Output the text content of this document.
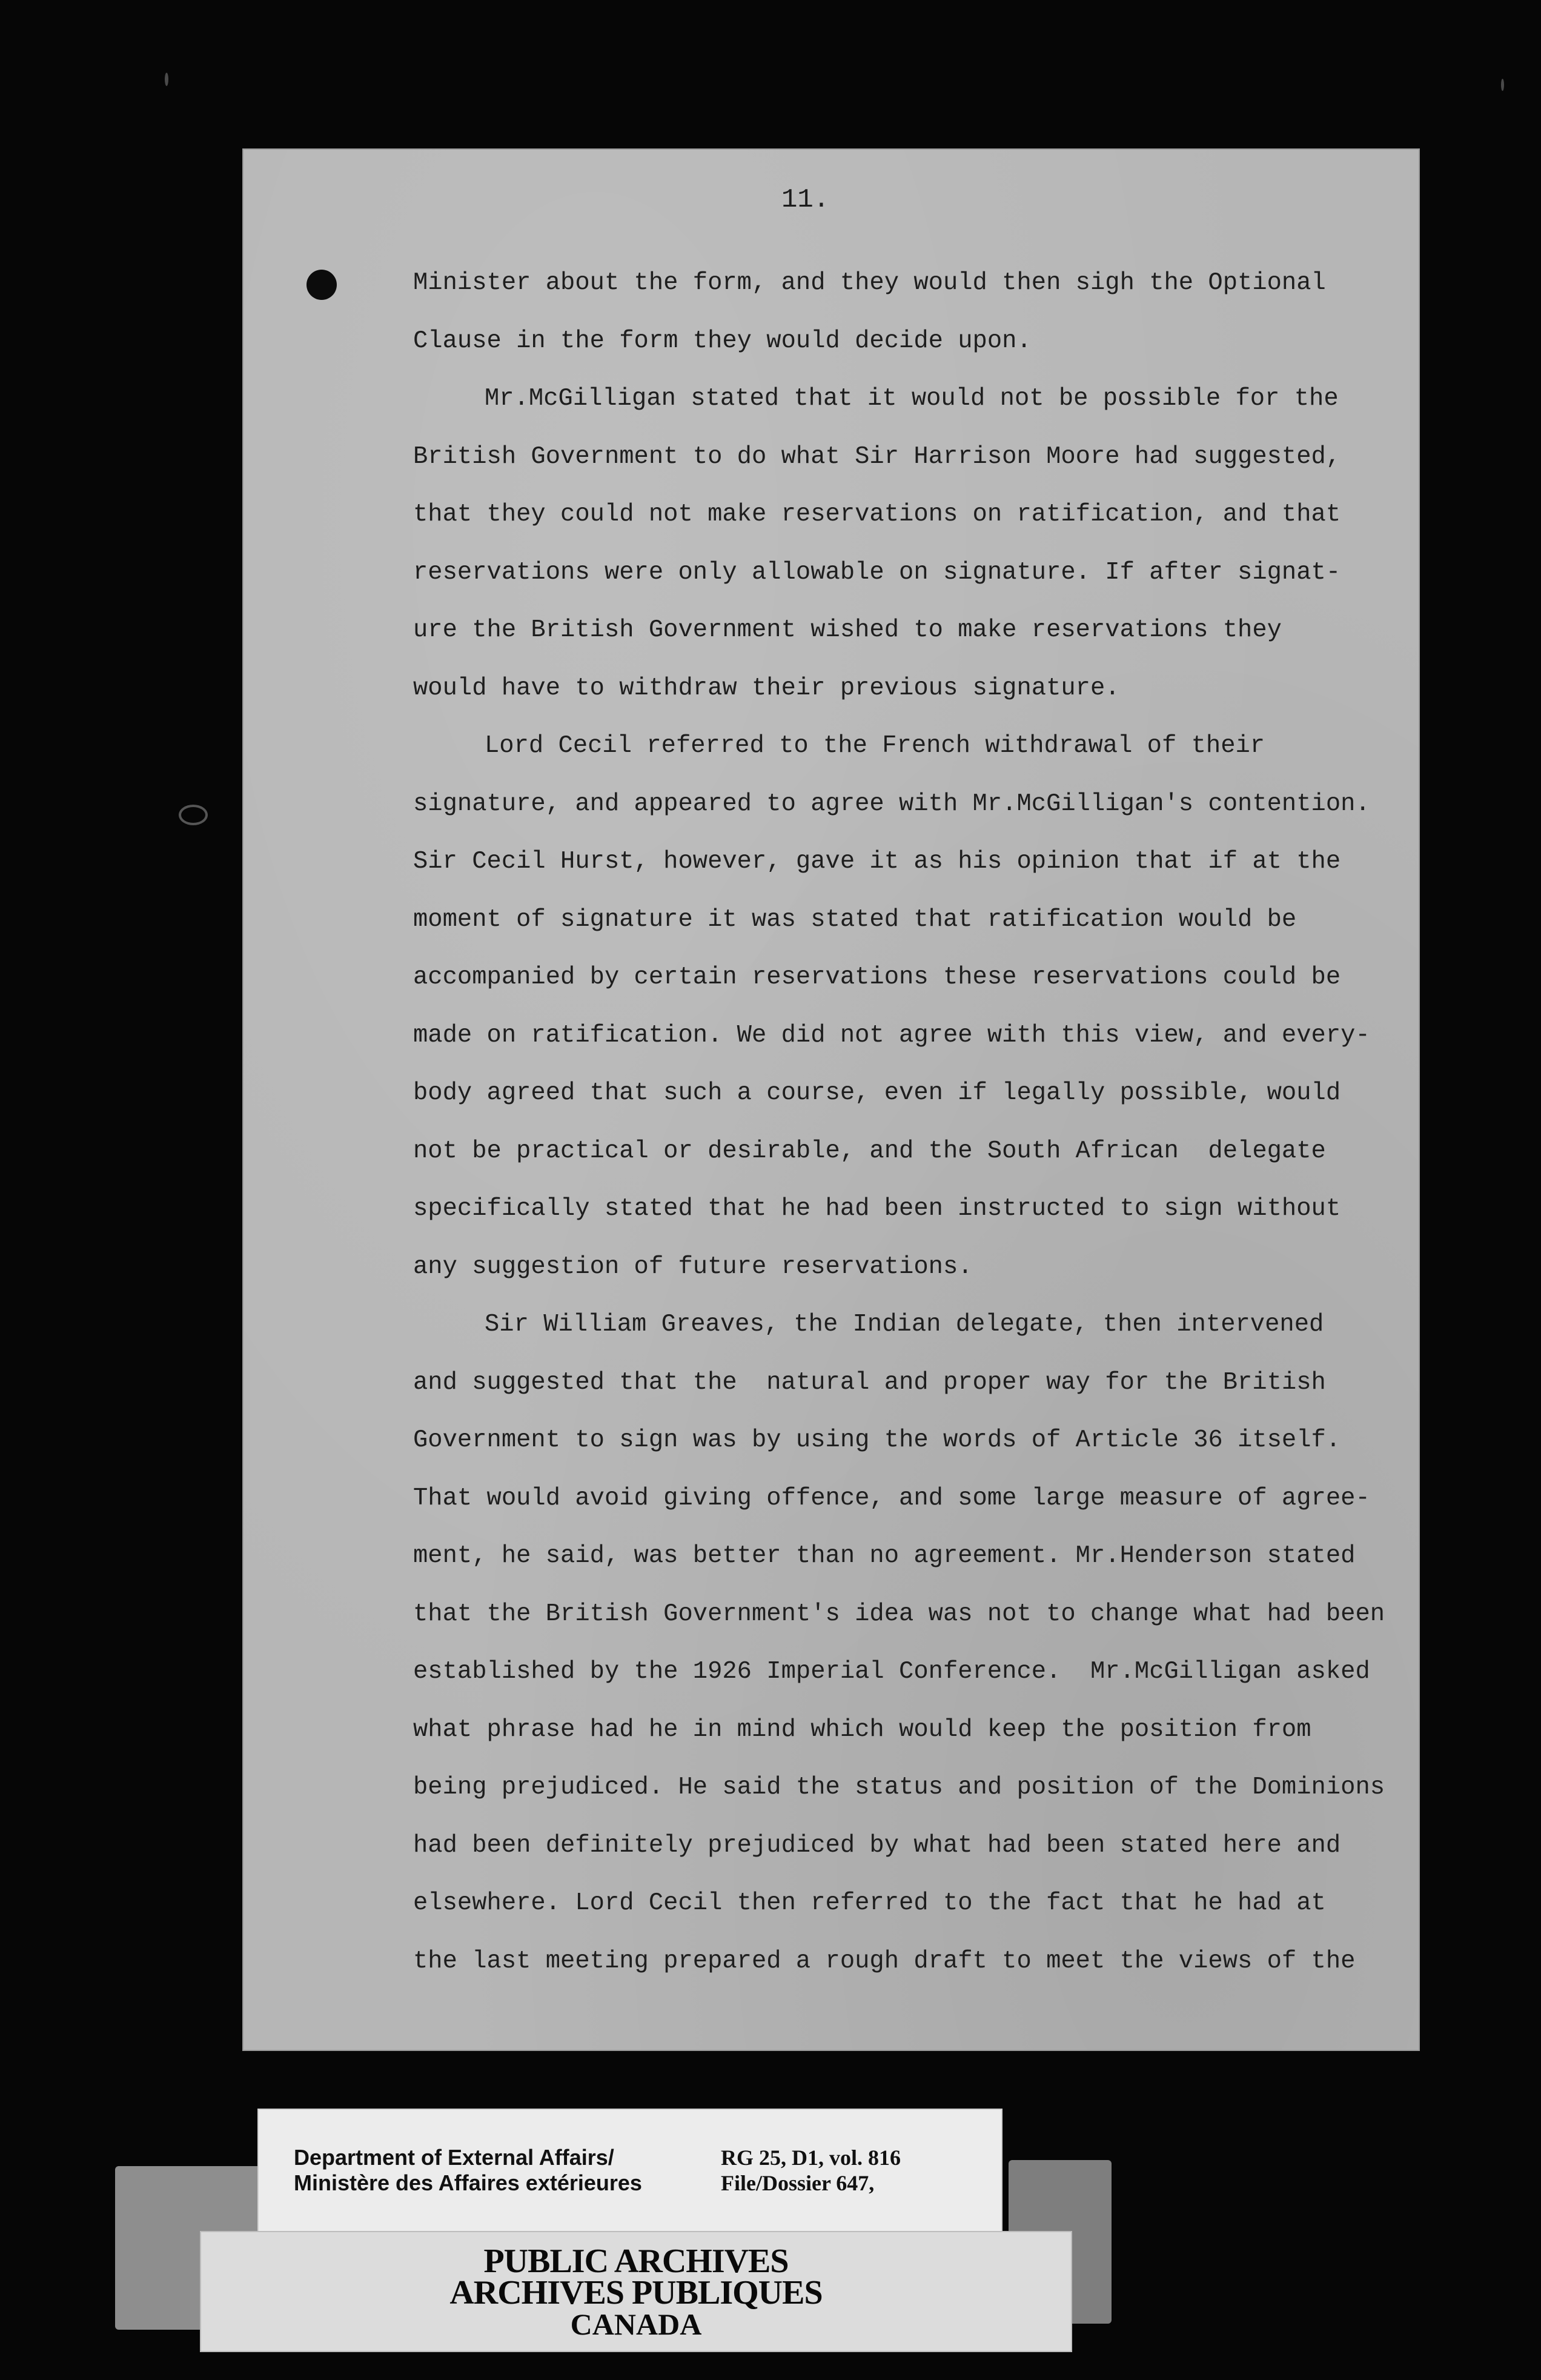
11.
Minister about the form, and they would then sigh the Optional
Clause in the form they would decide upon.
Mr.McGilligan stated that it would not be possible for the
British Government to do what Sir Harrison Moore had suggested,
that they could not make reservations on ratification, and that
reservations were only allowable on signature. If after signat-
ure the British Government wished to make reservations they
would have to withdraw their previous signature.
Lord Cecil referred to the French withdrawal of their
signature, and appeared to agree with Mr.McGilligan's contention.
Sir Cecil Hurst, however, gave it as his opinion that if at the
moment of signature it was stated that ratification would be
accompanied by certain reservations these reservations could be
made on ratification. We did not agree with this view, and every-
body agreed that such a course, even if legally possible, would
not be practical or desirable, and the South African  delegate
specifically stated that he had been instructed to sign without
any suggestion of future reservations.
Sir William Greaves, the Indian delegate, then intervened
and suggested that the  natural and proper way for the British
Government to sign was by using the words of Article 36 itself.
That would avoid giving offence, and some large measure of agree-
ment, he said, was better than no agreement. Mr.Henderson stated
that the British Government's idea was not to change what had been
established by the 1926 Imperial Conference.  Mr.McGilligan asked
what phrase had he in mind which would keep the position from
being prejudiced. He said the status and position of the Dominions
had been definitely prejudiced by what had been stated here and
elsewhere. Lord Cecil then referred to the fact that he had at
the last meeting prepared a rough draft to meet the views of the
Department of External Affairs/
Ministère des Affaires extérieures
RG 25, D1, vol. 816
File/Dossier 647,
PUBLIC ARCHIVES
ARCHIVES PUBLIQUES
CANADA
